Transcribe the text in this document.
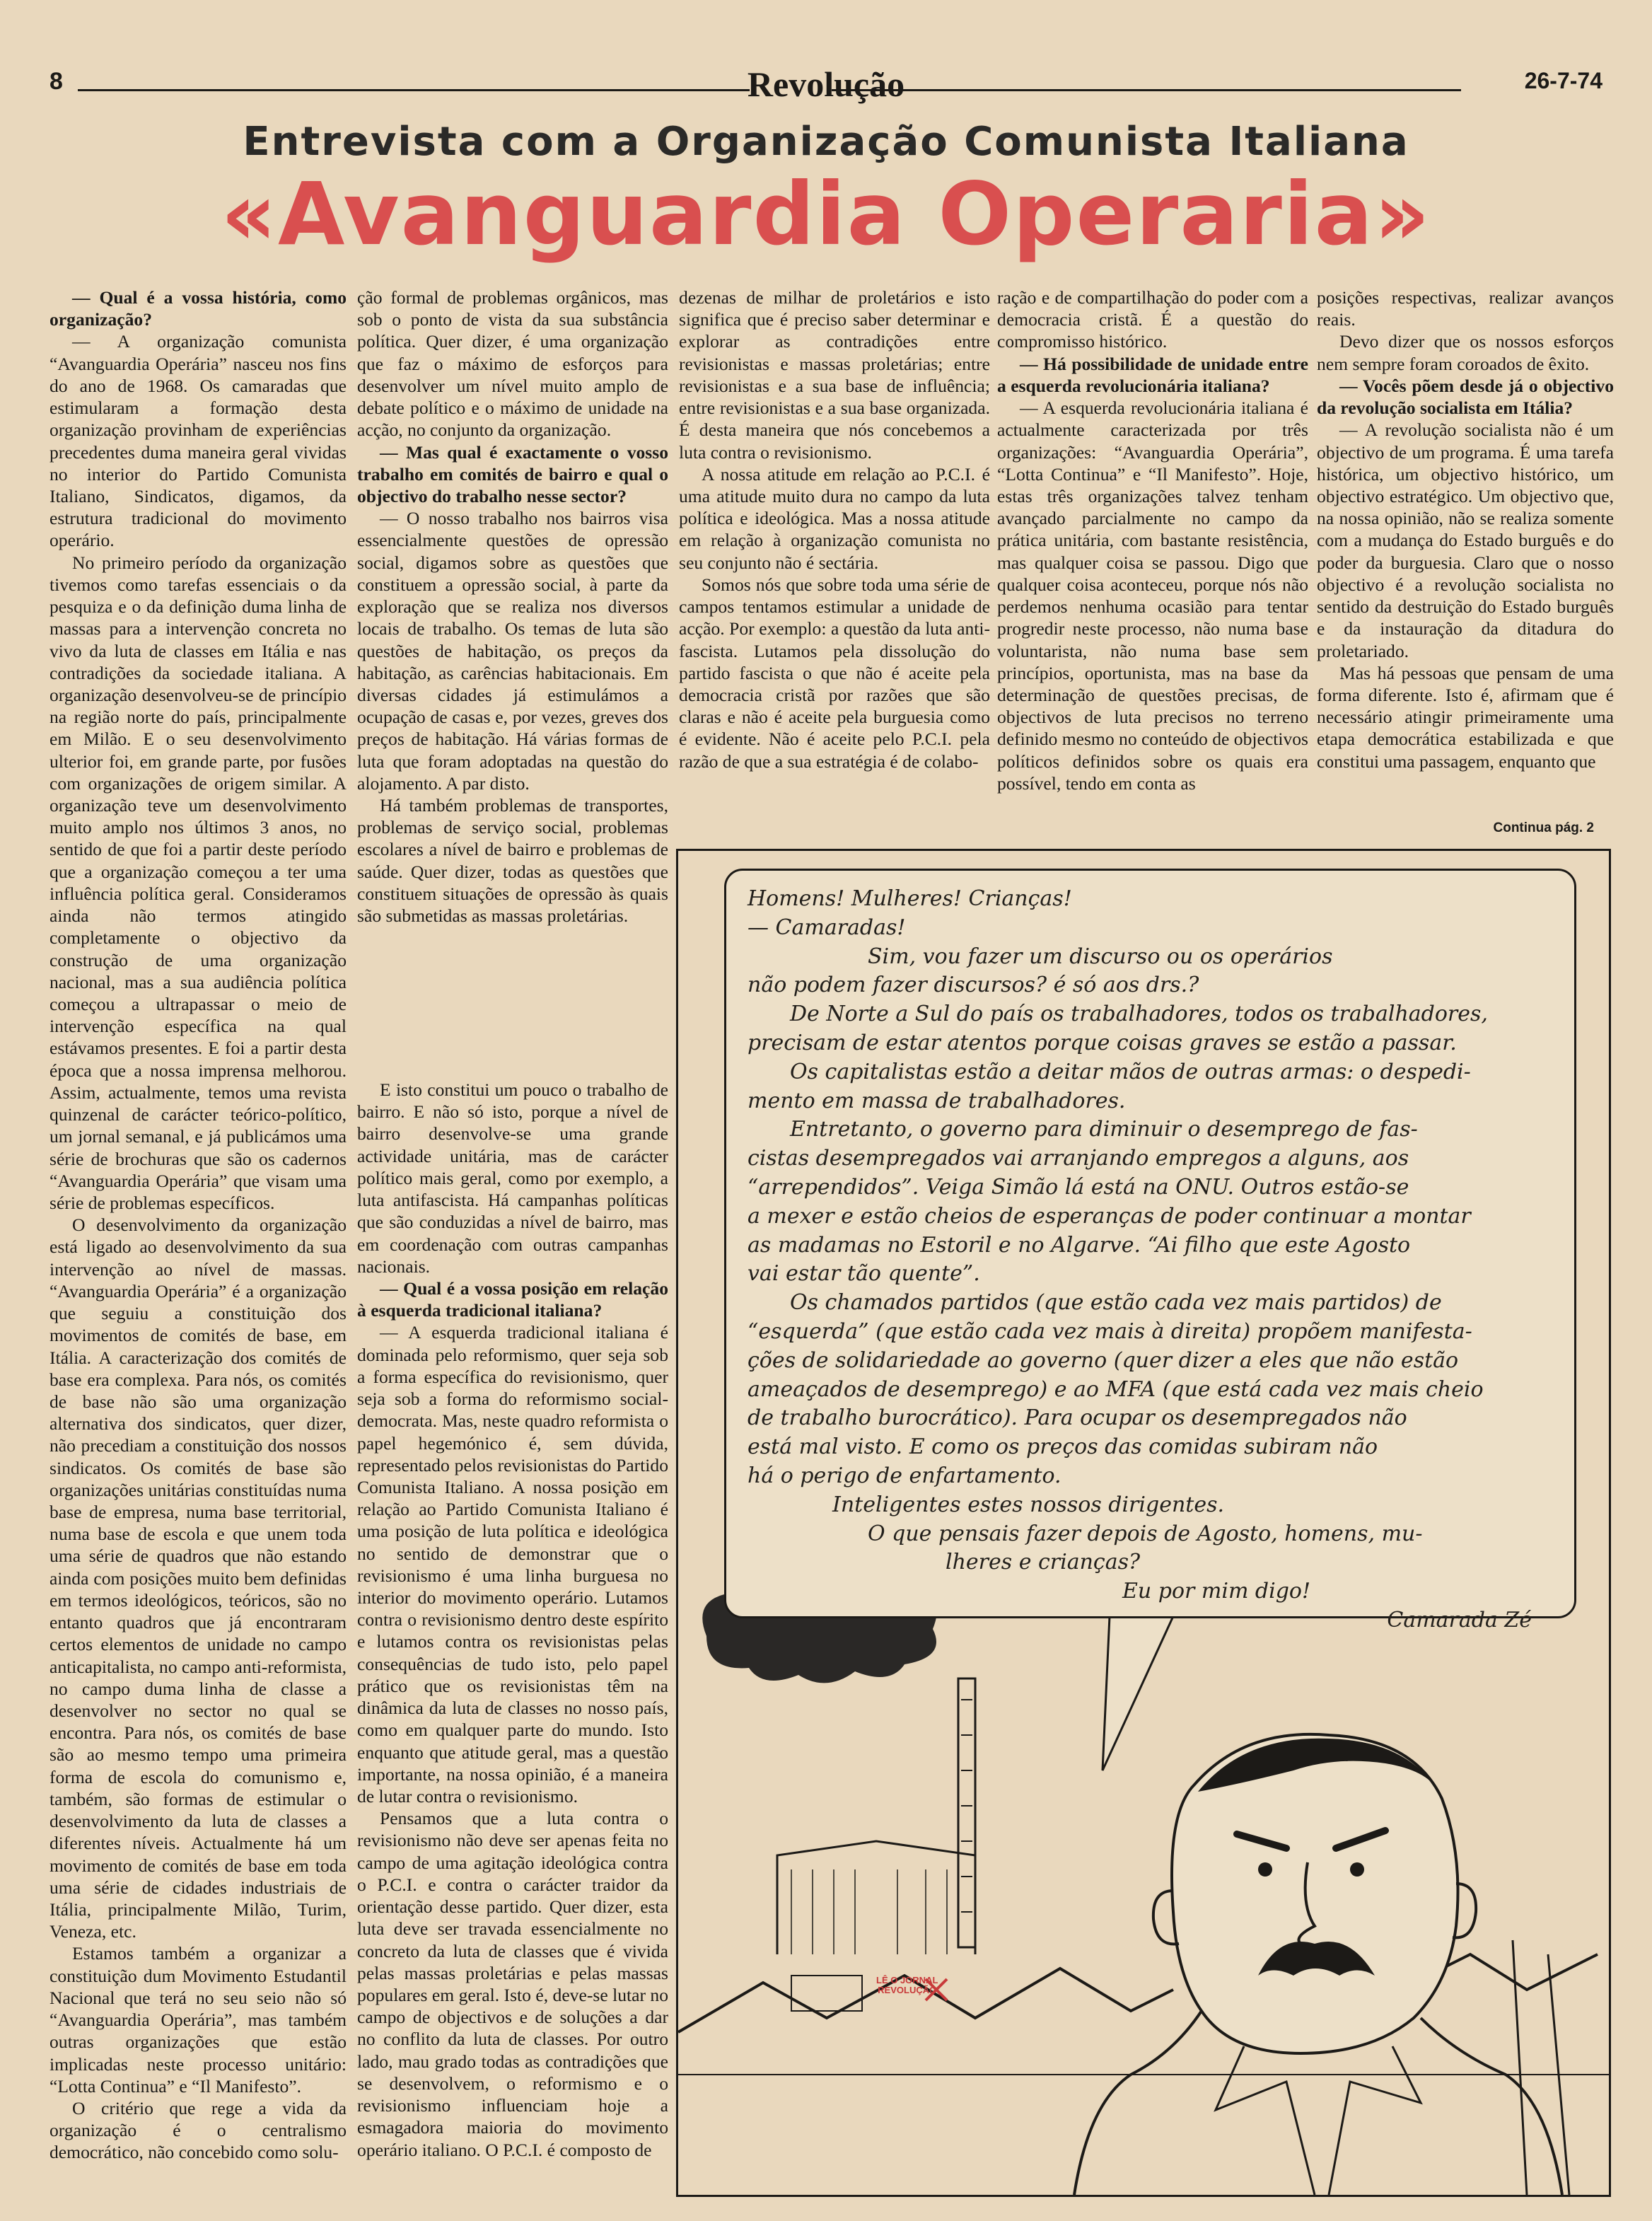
8	Revolução	26-7-74
Entrevista com a Organização Comunista Italiana
«Avanguardia Operaria»

— Qual é a vossa história, como organização?

— A organização comunista “Avanguardia Operária” nasceu nos fins do ano de 1968. Os camaradas que estimularam a formação desta organização provinham de experiências precedentes duma maneira geral vividas no interior do Partido Comunista Italiano, Sindicatos, digamos, da estrutura tradicional do movimento operário.

No primeiro período da organização tivemos como tarefas essenciais o da pesquiza e o da definição duma linha de massas para a intervenção concreta no vivo da luta de classes em Itália e nas contradições da sociedade italiana. A organização desenvolveu-se de princípio na região norte do país, principalmente em Milão. E o seu desenvolvimento ulterior foi, em grande parte, por fusões com organizações de origem similar. A organização teve um desenvolvimento muito amplo nos últimos 3 anos, no sentido de que foi a partir deste período que a organização começou a ter uma influência política geral. Consideramos ainda não termos atingido completamente o objectivo da construção de uma organização nacional, mas a sua audiência política começou a ultrapassar o meio de intervenção específica na qual estávamos presentes. E foi a partir desta época que a nossa imprensa melhorou. Assim, actualmente, temos uma revista quinzenal de carácter teórico-político, um jornal semanal, e já publicámos uma série de brochuras que são os cadernos “Avanguardia Operária” que visam uma série de problemas específicos.

O desenvolvimento da organização está ligado ao desenvolvimento da sua intervenção ao nível de massas. “Avanguardia Operária” é a organização que seguiu a constituição dos movimentos de comités de base, em Itália. A caracterização dos comités de base era complexa. Para nós, os comités de base não são uma organização alternativa dos sindicatos, quer dizer, não precediam a constituição dos nossos sindicatos. Os comités de base são organizações unitárias constituídas numa base de empresa, numa base territorial, numa base de escola e que unem toda uma série de quadros que não estando ainda com posições muito bem definidas em termos ideológicos, teóricos, são no entanto quadros que já encontraram certos elementos de unidade no campo anticapitalista, no campo anti-reformista, no campo duma linha de classe a desenvolver no sector no qual se encontra. Para nós, os comités de base são ao mesmo tempo uma primeira forma de escola do comunismo e, também, são formas de estimular o desenvolvimento da luta de classes a diferentes níveis. Actualmente há um movimento de comités de base em toda uma série de cidades industriais de Itália, principalmente Milão, Turim, Veneza, etc.

Estamos também a organizar a constituição dum Movimento Estudantil Nacional que terá no seu seio não só “Avanguardia Operária”, mas também outras organizações que estão implicadas neste processo unitário: “Lotta Continua” e “Il Manifesto”.

O critério que rege a vida da organização é o centralismo democrático, não concebido como solu-

ção formal de problemas orgânicos, mas sob o ponto de vista da sua substância política. Quer dizer, é uma organização que faz o máximo de esforços para desenvolver um nível muito amplo de debate político e o máximo de unidade na acção, no conjunto da organização.

— Mas qual é exactamente o vosso trabalho em comités de bairro e qual o objectivo do trabalho nesse sector?

— O nosso trabalho nos bairros visa essencialmente questões de opressão social, digamos sobre as questões que constituem a opressão social, à parte da exploração que se realiza nos diversos locais de trabalho. Os temas de luta são questões de habitação, os preços da habitação, as carências habitacionais. Em diversas cidades já estimulámos a ocupação de casas e, por vezes, greves dos preços de habitação. Há várias formas de luta que foram adoptadas na questão do alojamento. A par disto.

Há também problemas de transportes, problemas de serviço social, problemas escolares a nível de bairro e problemas de saúde. Quer dizer, todas as questões que constituem situações de opressão às quais são submetidas as massas proletárias.

E isto constitui um pouco o trabalho de bairro. E não só isto, porque a nível de bairro desenvolve-se uma grande actividade unitária, mas de carácter político mais geral, como por exemplo, a luta antifascista. Há campanhas políticas que são conduzidas a nível de bairro, mas em coordenação com outras campanhas nacionais.

— Qual é a vossa posição em relação à esquerda tradicional italiana?

— A esquerda tradicional italiana é dominada pelo reformismo, quer seja sob a forma específica do revisionismo, quer seja sob a forma do reformismo social-democrata. Mas, neste quadro reformista o papel hegemónico é, sem dúvida, representado pelos revisionistas do Partido Comunista Italiano. A nossa posição em relação ao Partido Comunista Italiano é uma posição de luta política e ideológica no sentido de demonstrar que o revisionismo é uma linha burguesa no interior do movimento operário. Lutamos contra o revisionismo dentro deste espírito e lutamos contra os revisionistas pelas consequências de tudo isto, pelo papel prático que os revisionistas têm na dinâmica da luta de classes no nosso país, como em qualquer parte do mundo. Isto enquanto que atitude geral, mas a questão importante, na nossa opinião, é a maneira de lutar contra o revisionismo.

Pensamos que a luta contra o revisionismo não deve ser apenas feita no campo de uma agitação ideológica contra o P.C.I. e contra o carácter traidor da orientação desse partido. Quer dizer, esta luta deve ser travada essencialmente no concreto da luta de classes que é vivida pelas massas proletárias e pelas massas populares em geral. Isto é, deve-se lutar no campo de objectivos e de soluções a dar no conflito da luta de classes. Por outro lado, mau grado todas as contradições que se desenvolvem, o reformismo e o revisionismo influenciam hoje a esmagadora maioria do movimento operário italiano. O P.C.I. é composto de

dezenas de milhar de proletários e isto significa que é preciso saber determinar e explorar as contradições entre revisionistas e massas proletárias; entre revisionistas e a sua base de influência; entre revisionistas e a sua base organizada. É desta maneira que nós concebemos a luta contra o revisionismo.

A nossa atitude em relação ao P.C.I. é uma atitude muito dura no campo da luta política e ideológica. Mas a nossa atitude em relação à organização comunista no seu conjunto não é sectária.

Somos nós que sobre toda uma série de campos tentamos estimular a unidade de acção. Por exemplo: a questão da luta anti-fascista. Lutamos pela dissolução do partido fascista o que não é aceite pela democracia cristã por razões que são claras e não é aceite pela burguesia como é evidente. Não é aceite pelo P.C.I. pela razão de que a sua estratégia é de colabo-

ração e de compartilhação do poder com a democracia cristã. É a questão do compromisso histórico.

— Há possibilidade de unidade entre a esquerda revolucionária italiana?

— A esquerda revolucionária italiana é actualmente caracterizada por três organizações: “Avanguardia Operária”, “Lotta Continua” e “Il Manifesto”. Hoje, estas três organizações talvez tenham avançado parcialmente no campo da prática unitária, com bastante resistência, mas qualquer coisa se passou. Digo que qualquer coisa aconteceu, porque nós não perdemos nenhuma ocasião para tentar progredir neste processo, não numa base voluntarista, não numa base sem princípios, oportunista, mas na base da determinação de questões precisas, de objectivos de luta precisos no terreno definido mesmo no conteúdo de objectivos políticos definidos sobre os quais era possível, tendo em conta as

posições respectivas, realizar avanços reais.

Devo dizer que os nossos esforços nem sempre foram coroados de êxito.

— Vocês põem desde já o objectivo da revolução socialista em Itália?

— A revolução socialista não é um objectivo de um programa. É uma tarefa histórica, um objectivo histórico, um objectivo estratégico. Um objectivo que, na nossa opinião, não se realiza somente com a mudança do Estado burguês e do poder da burguesia. Claro que o nosso objectivo é a revolução socialista no sentido da destruição do Estado burguês e da instauração da ditadura do proletariado.

Mas há pessoas que pensam de uma forma diferente. Isto é, afirmam que é necessário atingir primeiramente uma etapa democrática estabilizada e que constitui uma passagem, enquanto que

Continua pág. 2
Homens! Mulheres! Crianças!
— Camaradas!
Sim, vou fazer um discurso ou os operários
não podem fazer discursos? é só aos drs.?
De Norte a Sul do país os trabalhadores, todos os trabalhadores,
precisam de estar atentos porque coisas graves se estão a passar.
Os capitalistas estão a deitar mãos de outras armas: o despedi-
mento em massa de trabalhadores.
Entretanto, o governo para diminuir o desemprego de fas-
cistas desempregados vai arranjando empregos a alguns, aos
“arrependidos”. Veiga Simão lá está na ONU. Outros estão-se
a mexer e estão cheios de esperanças de poder continuar a montar
as madamas no Estoril e no Algarve. “Ai filho que este Agosto
vai estar tão quente”.
Os chamados partidos (que estão cada vez mais partidos) de
“esquerda” (que estão cada vez mais à direita) propõem manifesta-
ções de solidariedade ao governo (quer dizer a eles que não estão
ameaçados de desemprego) e ao MFA (que está cada vez mais cheio
de trabalho burocrático). Para ocupar os desempregados não
está mal visto. E como os preços das comidas subiram não
há o perigo de enfartamento.
Inteligentes estes nossos dirigentes.
O que pensais fazer depois de Agosto, homens, mu-
lheres e crianças?
Eu por mim digo!
Camarada Zé
LÊ O JORNAL
REVOLUÇÃO
